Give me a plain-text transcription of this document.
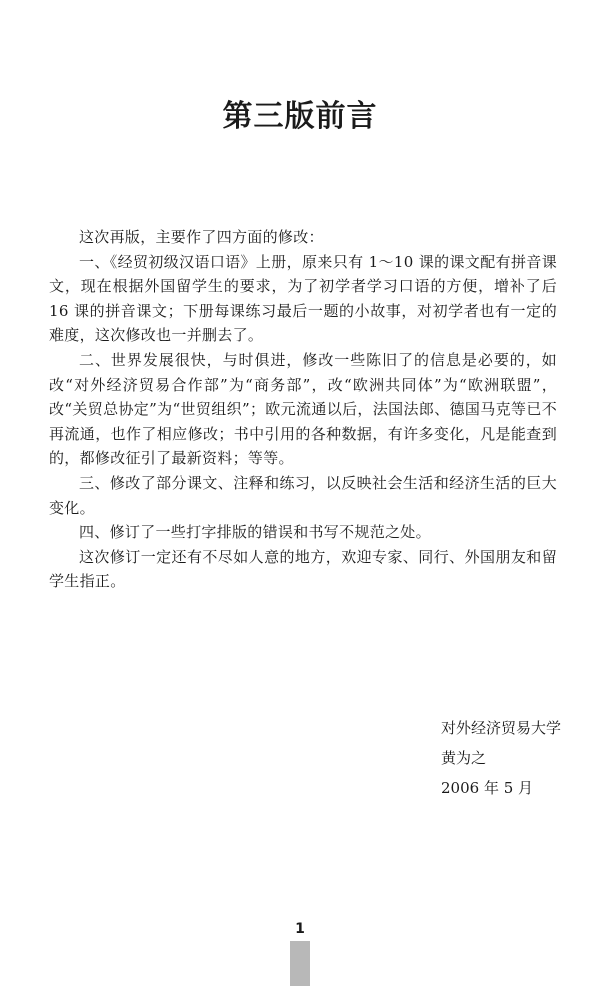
第三版前言

这次再版，主要作了四方面的修改：

一、《经贸初级汉语口语》上册，原来只有 1～10 课的课文配有拼音课文，现在根据外国留学生的要求，为了初学者学习口语的方便，增补了后 16 课的拼音课文；下册每课练习最后一题的小故事，对初学者也有一定的难度，这次修改也一并删去了。

二、世界发展很快，与时俱进，修改一些陈旧了的信息是必要的，如改“对外经济贸易合作部”为“商务部”，改“欧洲共同体”为“欧洲联盟”，改“关贸总协定”为“世贸组织”；欧元流通以后，法国法郎、德国马克等已不再流通，也作了相应修改；书中引用的各种数据，有许多变化，凡是能查到的，都修改征引了最新资料；等等。

三、修改了部分课文、注释和练习，以反映社会生活和经济生活的巨大变化。

四、修订了一些打字排版的错误和书写不规范之处。

这次修订一定还有不尽如人意的地方，欢迎专家、同行、外国朋友和留学生指正。

对外经济贸易大学
黄为之
2006 年 5 月
1
